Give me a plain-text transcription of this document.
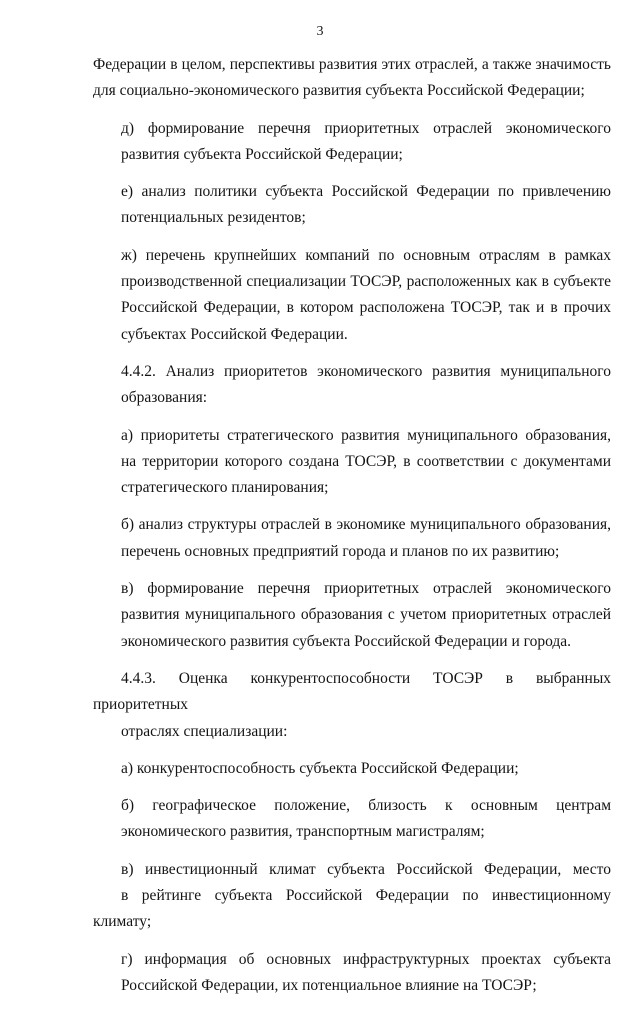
3

Федерации в целом, перспективы развития этих отраслей, а также значимость
для социально-экономического развития субъекта Российской Федерации;

д) формирование перечня приоритетных отраслей экономического
развития субъекта Российской Федерации;

е) анализ политики субъекта Российской Федерации по привлечению
потенциальных резидентов;

ж) перечень крупнейших компаний по основным отраслям в рамках
производственной специализации ТОСЭР, расположенных как в субъекте
Российской Федерации, в котором расположена ТОСЭР, так и в прочих
субъектах Российской Федерации.

4.4.2. Анализ приоритетов экономического развития муниципального
образования:

а) приоритеты стратегического развития муниципального образования,
на территории которого создана ТОСЭР, в соответствии с документами
стратегического планирования;

б) анализ структуры отраслей в экономике муниципального образования,
перечень основных предприятий города и планов по их развитию;

в) формирование перечня приоритетных отраслей экономического
развития муниципального образования с учетом приоритетных отраслей
экономического развития субъекта Российской Федерации и города.

4.4.3. Оценка конкурентоспособности ТОСЭР в выбранных приоритетных
отраслях специализации:

а) конкурентоспособность субъекта Российской Федерации;

б) географическое положение, близость к основным центрам
экономического развития, транспортным магистралям;

в) инвестиционный климат субъекта Российской Федерации, место
в рейтинге субъекта Российской Федерации по инвестиционному климату;

г) информация об основных инфраструктурных проектах субъекта
Российской Федерации, их потенциальное влияние на ТОСЭР;
